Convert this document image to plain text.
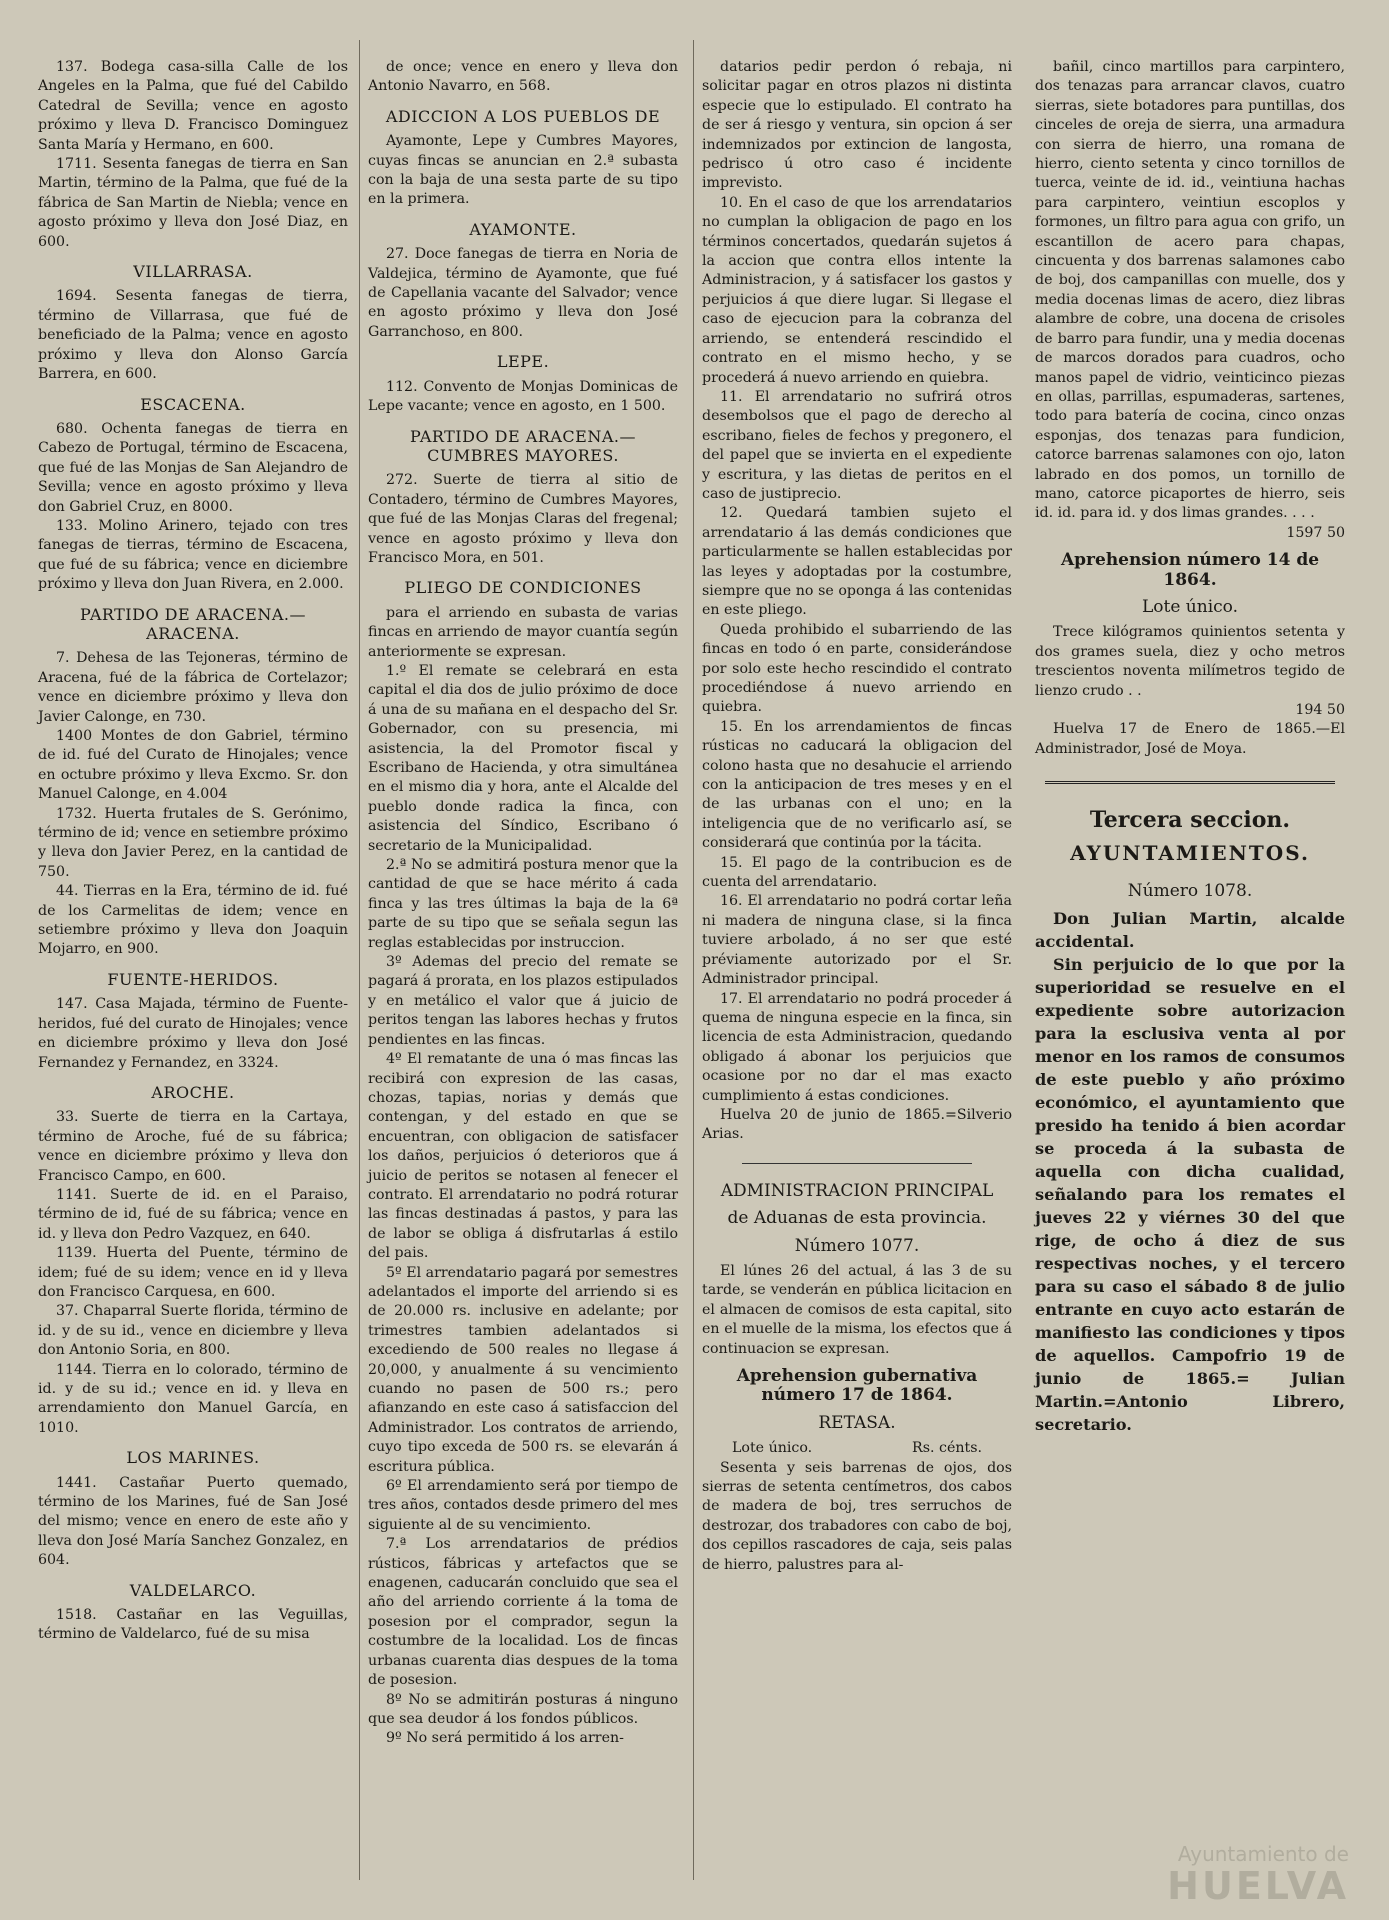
137. Bodega casa-silla Calle de los Angeles en la Palma, que fué del Cabildo Catedral de Sevilla; vence en agosto próximo y lleva D. Francisco Dominguez Santa María y Hermano, en 600.

1711. Sesenta fanegas de tierra en San Martin, término de la Palma, que fué de la fábrica de San Martin de Niebla; vence en agosto próximo y lleva don José Diaz, en 600.

VILLARRASA.

1694. Sesenta fanegas de tierra, término de Villarrasa, que fué de beneficiado de la Palma; vence en agosto próximo y lleva don Alonso García Barrera, en 600.

ESCACENA.

680. Ochenta fanegas de tierra en Cabezo de Portugal, término de Escacena, que fué de las Monjas de San Alejandro de Sevilla; vence en agosto próximo y lleva don Gabriel Cruz, en 8000.

133. Molino Arinero, tejado con tres fanegas de tierras, término de Escacena, que fué de su fábrica; vence en diciembre próximo y lleva don Juan Rivera, en 2.000.

PARTIDO DE ARACENA.—ARACENA.

7. Dehesa de las Tejoneras, término de Aracena, fué de la fábrica de Cortelazor; vence en diciembre próximo y lleva don Javier Calonge, en 730.

1400 Montes de don Gabriel, término de id. fué del Curato de Hinojales; vence en octubre próximo y lleva Excmo. Sr. don Manuel Calonge, en 4.004

1732. Huerta frutales de S. Gerónimo, término de id; vence en setiembre próximo y lleva don Javier Perez, en la cantidad de 750.

44. Tierras en la Era, término de id. fué de los Carmelitas de idem; vence en setiembre próximo y lleva don Joaquin Mojarro, en 900.

FUENTE-HERIDOS.

147. Casa Majada, término de Fuente-heridos, fué del curato de Hinojales; vence en diciembre próximo y lleva don José Fernandez y Fernandez, en 3324.

AROCHE.

33. Suerte de tierra en la Cartaya, término de Aroche, fué de su fábrica; vence en diciembre próximo y lleva don Francisco Campo, en 600.

1141. Suerte de id. en el Paraiso, término de id, fué de su fábrica; vence en id. y lleva don Pedro Vazquez, en 640.

1139. Huerta del Puente, término de idem; fué de su idem; vence en id y lleva don Francisco Carquesa, en 600.

37. Chaparral Suerte florida, término de id. y de su id., vence en diciembre y lleva don Antonio Soria, en 800.

1144. Tierra en lo colorado, término de id. y de su id.; vence en id. y lleva en arrendamiento don Manuel García, en 1010.

LOS MARINES.

1441. Castañar Puerto quemado, término de los Marines, fué de San José del mismo; vence en enero de este año y lleva don José María Sanchez Gonzalez, en 604.

VALDELARCO.

1518. Castañar en las Veguillas, término de Valdelarco, fué de su misa

de once; vence en enero y lleva don Antonio Navarro, en 568.

ADICCION A LOS PUEBLOS DE

Ayamonte, Lepe y Cumbres Mayores, cuyas fincas se anuncian en 2.ª subasta con la baja de una sesta parte de su tipo en la primera.

AYAMONTE.

27. Doce fanegas de tierra en Noria de Valdejica, término de Ayamonte, que fué de Capellania vacante del Salvador; vence en agosto próximo y lleva don José Garranchoso, en 800.

LEPE.

112. Convento de Monjas Dominicas de Lepe vacante; vence en agosto, en 1 500.

PARTIDO DE ARACENA.—CUMBRES MAYORES.

272. Suerte de tierra al sitio de Contadero, término de Cumbres Mayores, que fué de las Monjas Claras del fregenal; vence en agosto próximo y lleva don Francisco Mora, en 501.

PLIEGO DE CONDICIONES

para el arriendo en subasta de varias fincas en arriendo de mayor cuantía según anteriormente se expresan.

1.º El remate se celebrará en esta capital el dia dos de julio próximo de doce á una de su mañana en el despacho del Sr. Gobernador, con su presencia, mi asistencia, la del Promotor fiscal y Escribano de Hacienda, y otra simultánea en el mismo dia y hora, ante el Alcalde del pueblo donde radica la finca, con asistencia del Síndico, Escribano ó secretario de la Municipalidad.

2.ª No se admitirá postura menor que la cantidad de que se hace mérito á cada finca y las tres últimas la baja de la 6ª parte de su tipo que se señala segun las reglas establecidas por instruccion.

3º Ademas del precio del remate se pagará á prorata, en los plazos estipulados y en metálico el valor que á juicio de peritos tengan las labores hechas y frutos pendientes en las fincas.

4º El rematante de una ó mas fincas las recibirá con expresion de las casas, chozas, tapias, norias y demás que contengan, y del estado en que se encuentran, con obligacion de satisfacer los daños, perjuicios ó deterioros que á juicio de peritos se notasen al fenecer el contrato. El arrendatario no podrá roturar las fincas destinadas á pastos, y para las de labor se obliga á disfrutarlas á estilo del pais.

5º El arrendatario pagará por semestres adelantados el importe del arriendo si es de 20.000 rs. inclusive en adelante; por trimestres tambien adelantados si excediendo de 500 reales no llegase á 20,000, y anualmente á su vencimiento cuando no pasen de 500 rs.; pero afianzando en este caso á satisfaccion del Administrador. Los contratos de arriendo, cuyo tipo exceda de 500 rs. se elevarán á escritura pública.

6º El arrendamiento será por tiempo de tres años, contados desde primero del mes siguiente al de su vencimiento.

7.ª Los arrendatarios de prédios rústicos, fábricas y artefactos que se enagenen, caducarán concluido que sea el año del arriendo corriente á la toma de posesion por el comprador, segun la costumbre de la localidad. Los de fincas urbanas cuarenta dias despues de la toma de posesion.

8º No se admitirán posturas á ninguno que sea deudor á los fondos públicos.

9º No será permitido á los arren-

datarios pedir perdon ó rebaja, ni solicitar pagar en otros plazos ni distinta especie que lo estipulado. El contrato ha de ser á riesgo y ventura, sin opcion á ser indemnizados por extincion de langosta, pedrisco ú otro caso é incidente imprevisto.

10. En el caso de que los arrendatarios no cumplan la obligacion de pago en los términos concertados, quedarán sujetos á la accion que contra ellos intente la Administracion, y á satisfacer los gastos y perjuicios á que diere lugar. Si llegase el caso de ejecucion para la cobranza del arriendo, se entenderá rescindido el contrato en el mismo hecho, y se procederá á nuevo arriendo en quiebra.

11. El arrendatario no sufrirá otros desembolsos que el pago de derecho al escribano, fieles de fechos y pregonero, el del papel que se invierta en el expediente y escritura, y las dietas de peritos en el caso de justiprecio.

12. Quedará tambien sujeto el arrendatario á las demás condiciones que particularmente se hallen establecidas por las leyes y adoptadas por la costumbre, siempre que no se oponga á las contenidas en este pliego.

Queda prohibido el subarriendo de las fincas en todo ó en parte, considerándose por solo este hecho rescindido el contrato procediéndose á nuevo arriendo en quiebra.

15. En los arrendamientos de fincas rústicas no caducará la obligacion del colono hasta que no desahucie el arriendo con la anticipacion de tres meses y en el de las urbanas con el uno; en la inteligencia que de no verificarlo así, se considerará que continúa por la tácita.

15. El pago de la contribucion es de cuenta del arrendatario.

16. El arrendatario no podrá cortar leña ni madera de ninguna clase, si la finca tuviere arbolado, á no ser que esté préviamente autorizado por el Sr. Administrador principal.

17. El arrendatario no podrá proceder á quema de ninguna especie en la finca, sin licencia de esta Administracion, quedando obligado á abonar los perjuicios que ocasione por no dar el mas exacto cumplimiento á estas condiciones.

Huelva 20 de junio de 1865.=Silverio Arias.

ADMINISTRACION PRINCIPAL
de Aduanas de esta provincia.
Número 1077.

El lúnes 26 del actual, á las 3 de su tarde, se venderán en pública licitacion en el almacen de comisos de esta capital, sito en el muelle de la misma, los efectos que á continuacion se expresan.

Aprehension gubernativa número 17 de 1864.
RETASA.
Lote único.	Rs. cénts.

Sesenta y seis barrenas de ojos, dos sierras de setenta centímetros, dos cabos de madera de boj, tres serruchos de destrozar, dos trabadores con cabo de boj, dos cepillos rascadores de caja, seis palas de hierro, palustres para al-

bañil, cinco martillos para carpintero, dos tenazas para arrancar clavos, cuatro sierras, siete botadores para puntillas, dos cinceles de oreja de sierra, una armadura con sierra de hierro, una romana de hierro, ciento setenta y cinco tornillos de tuerca, veinte de id. id., veintiuna hachas para carpintero, veintiun escoplos y formones, un filtro para agua con grifo, un escantillon de acero para chapas, cincuenta y dos barrenas salamones cabo de boj, dos campanillas con muelle, dos y media docenas limas de acero, diez libras alambre de cobre, una docena de crisoles de barro para fundir, una y media docenas de marcos dorados para cuadros, ocho manos papel de vidrio, veinticinco piezas en ollas, parrillas, espumaderas, sartenes, todo para batería de cocina, cinco onzas esponjas, dos tenazas para fundicion, catorce barrenas salamones con ojo, laton labrado en dos pomos, un tornillo de mano, catorce picaportes de hierro, seis id. id. para id. y dos limas grandes. . . .

1597 50
Aprehension número 14 de 1864.
Lote único.

Trece kilógramos quinientos setenta y dos grames suela, diez y ocho metros trescientos noventa milímetros tegido de lienzo crudo . .

194 50

Huelva 17 de Enero de 1865.—El Administrador, José de Moya.

Tercera seccion.
AYUNTAMIENTOS.
Número 1078.

Don Julian Martin, alcalde accidental.

Sin perjuicio de lo que por la superioridad se resuelve en el expediente sobre autorizacion para la esclusiva venta al por menor en los ramos de consumos de este pueblo y año próximo económico, el ayuntamiento que presido ha tenido á bien acordar se proceda á la subasta de aquella con dicha cualidad, señalando para los remates el jueves 22 y viérnes 30 del que rige, de ocho á diez de sus respectivas noches, y el tercero para su caso el sábado 8 de julio entrante en cuyo acto estarán de manifiesto las condiciones y tipos de aquellos. Campofrio 19 de junio de 1865.= Julian Martin.=Antonio Librero, secretario.

Ayuntamiento de
HUELVA
